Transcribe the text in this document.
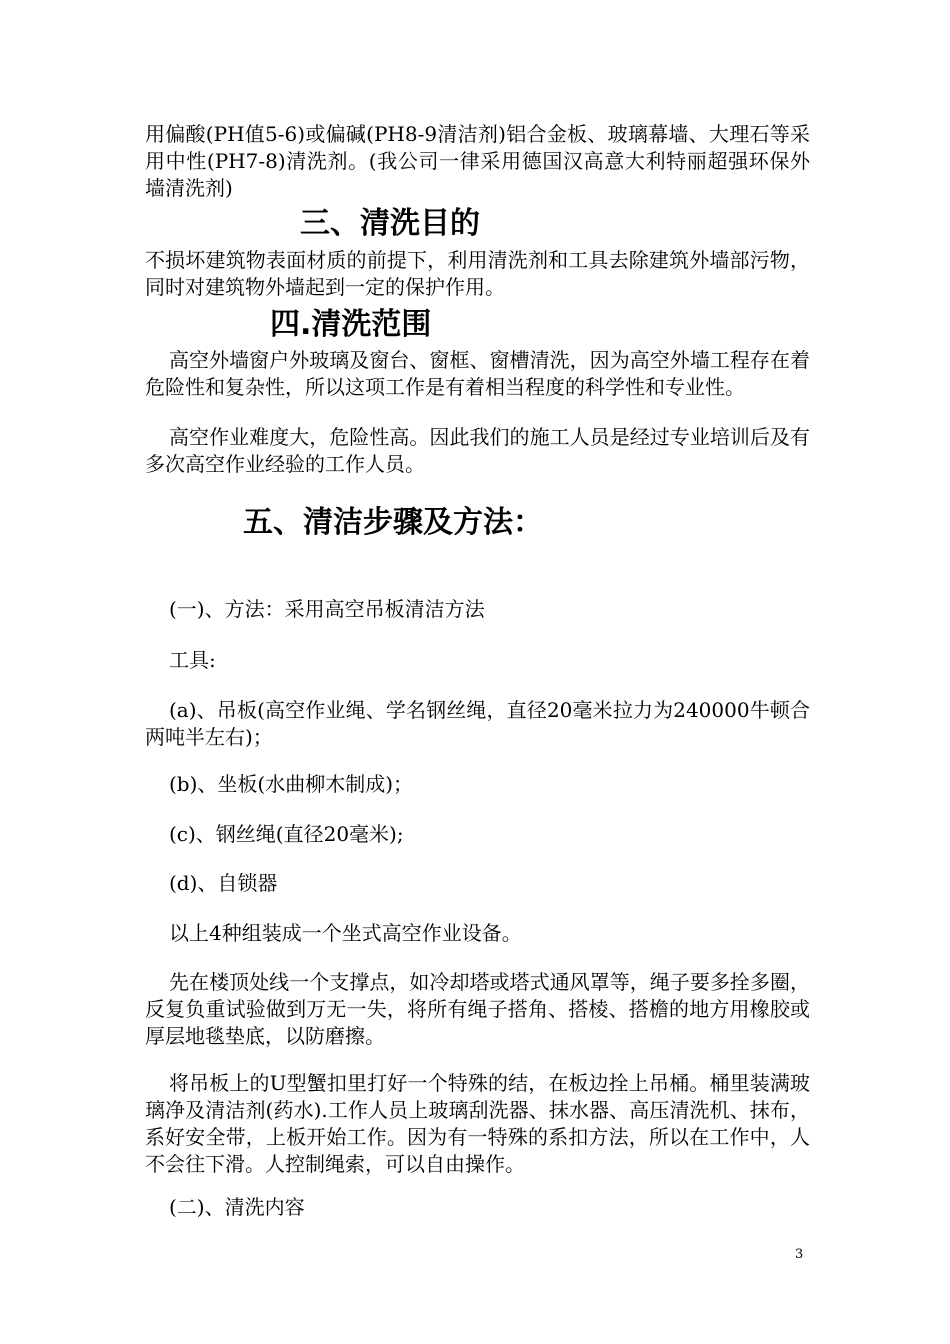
用偏酸(PH值5-6)或偏碱(PH8-9清洁剂)铝合金板、玻璃幕墙、大理石等采用中性(PH7-8)清洗剂。(我公司一律采用德国汉高意大利特丽超强环保外墙清洗剂)

三、清洗目的

不损坏建筑物表面材质的前提下，利用清洗剂和工具去除建筑外墙部污物，同时对建筑物外墙起到一定的保护作用。

四.清洗范围

高空外墙窗户外玻璃及窗台、窗框、窗槽清洗，因为高空外墙工程存在着危险性和复杂性，所以这项工作是有着相当程度的科学性和专业性。

高空作业难度大，危险性高。因此我们的施工人员是经过专业培训后及有多次高空作业经验的工作人员。

五、清洁步骤及方法：

(一)、方法：采用高空吊板清洁方法

工具:

(a)、吊板(高空作业绳、学名钢丝绳，直径20毫米拉力为240000牛顿合两吨半左右)；

(b)、坐板(水曲柳木制成)；

(c)、钢丝绳(直径20毫米);

(d)、自锁器

以上4种组装成一个坐式高空作业设备。

先在楼顶处线一个支撑点，如冷却塔或塔式通风罩等，绳子要多拴多圈，反复负重试验做到万无一失，将所有绳子搭角、搭棱、搭檐的地方用橡胶或厚层地毯垫底，以防磨擦。

将吊板上的U型蟹扣里打好一个特殊的结，在板边拴上吊桶。桶里装满玻璃净及清洁剂(药水).工作人员上玻璃刮洗器、抹水器、高压清洗机、抹布，系好安全带，上板开始工作。因为有一特殊的系扣方法，所以在工作中，人不会往下滑。人控制绳索，可以自由操作。

(二)、清洗内容

3
